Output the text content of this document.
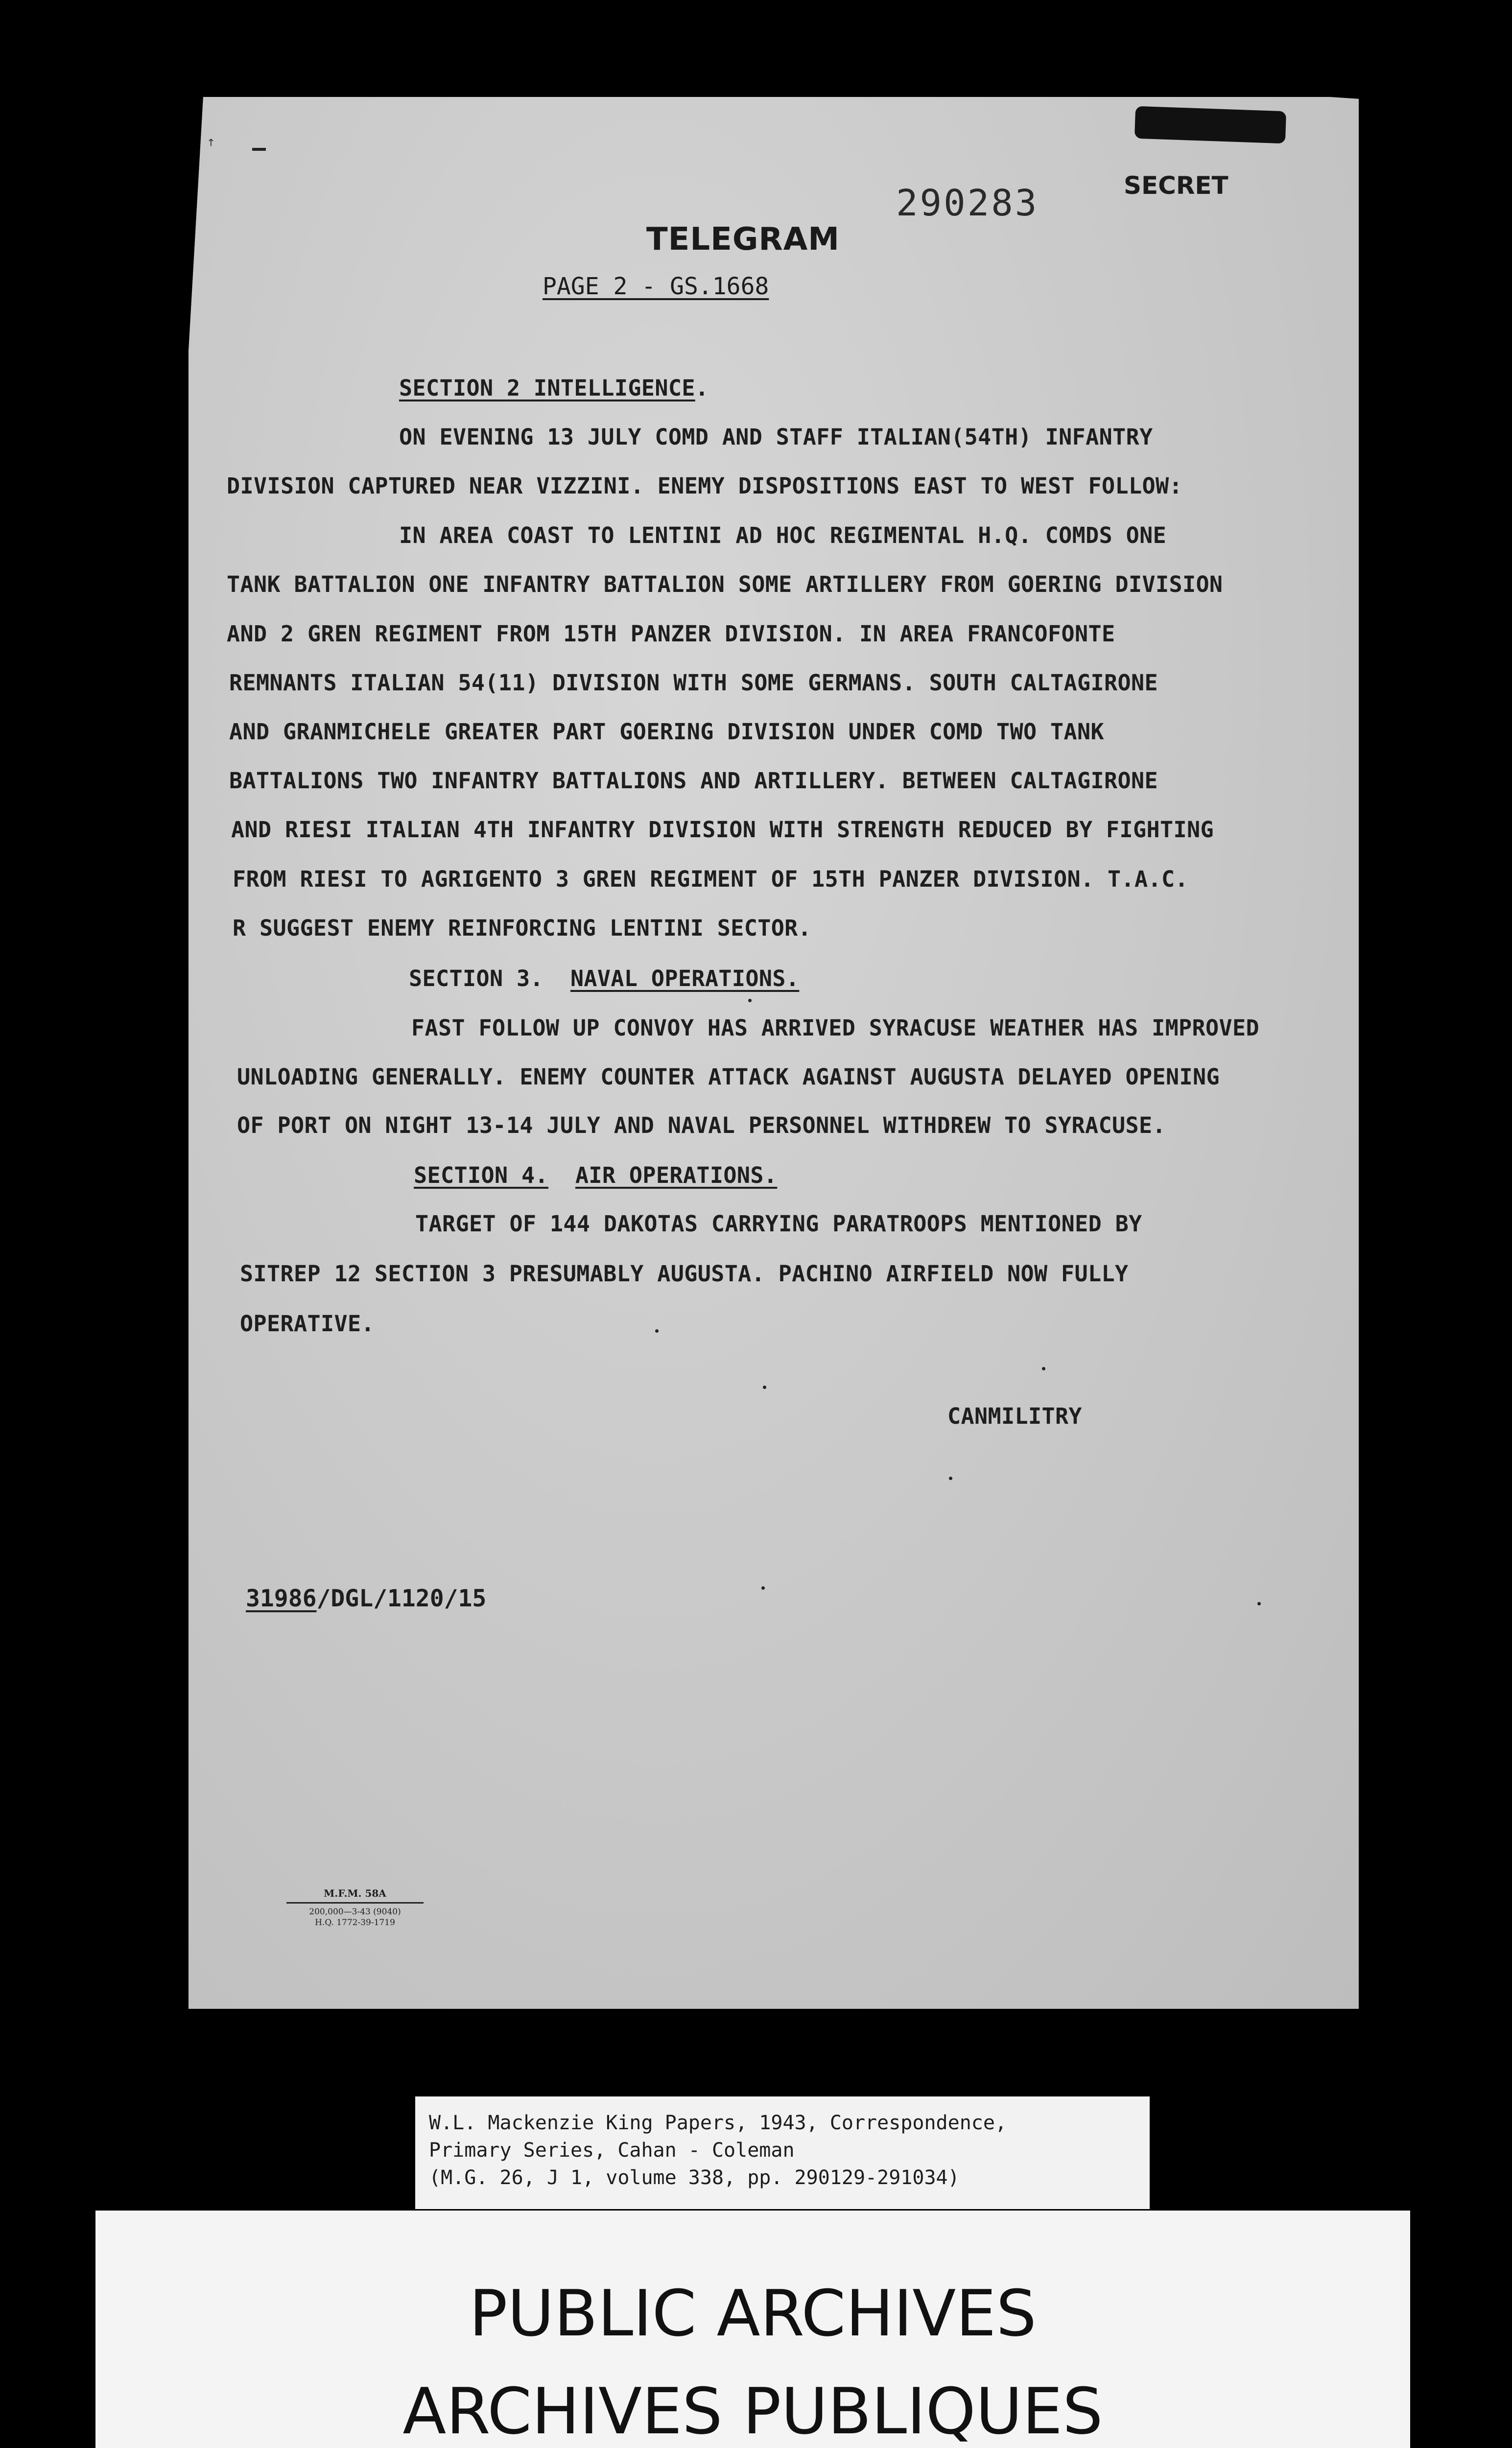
ꜛ
290283	SECRET
TELEGRAM
PAGE 2 - GS.1668
SECTION 2 INTELLIGENCE.
ON EVENING 13 JULY COMD AND STAFF ITALIAN(54TH) INFANTRY
DIVISION CAPTURED NEAR VIZZINI. ENEMY DISPOSITIONS EAST TO WEST FOLLOW:
IN AREA COAST TO LENTINI AD HOC REGIMENTAL H.Q. COMDS ONE
TANK BATTALION ONE INFANTRY BATTALION SOME ARTILLERY FROM GOERING DIVISION
AND 2 GREN REGIMENT FROM 15TH PANZER DIVISION. IN AREA FRANCOFONTE
REMNANTS ITALIAN 54(11) DIVISION WITH SOME GERMANS. SOUTH CALTAGIRONE
AND GRANMICHELE GREATER PART GOERING DIVISION UNDER COMD TWO TANK
BATTALIONS TWO INFANTRY BATTALIONS AND ARTILLERY. BETWEEN CALTAGIRONE
AND RIESI ITALIAN 4TH INFANTRY DIVISION WITH STRENGTH REDUCED BY FIGHTING
FROM RIESI TO AGRIGENTO 3 GREN REGIMENT OF 15TH PANZER DIVISION. T.A.C.
R SUGGEST ENEMY REINFORCING LENTINI SECTOR.
SECTION 3. NAVAL OPERATIONS.
FAST FOLLOW UP CONVOY HAS ARRIVED SYRACUSE WEATHER HAS IMPROVED
UNLOADING GENERALLY. ENEMY COUNTER ATTACK AGAINST AUGUSTA DELAYED OPENING
OF PORT ON NIGHT 13-14 JULY AND NAVAL PERSONNEL WITHDREW TO SYRACUSE.
SECTION 4. AIR OPERATIONS.
TARGET OF 144 DAKOTAS CARRYING PARATROOPS MENTIONED BY
SITREP 12 SECTION 3 PRESUMABLY AUGUSTA. PACHINO AIRFIELD NOW FULLY
OPERATIVE.
CANMILITRY
31986/DGL/1120/15
M.F.M. 58A
200,000—3-43 (9040)
H.Q. 1772-39-1719
W.L. Mackenzie King Papers, 1943, Correspondence,
Primary Series, Cahan - Coleman
(M.G. 26, J 1, volume 338, pp. 290129-291034)
PUBLIC ARCHIVES
ARCHIVES PUBLIQUES
